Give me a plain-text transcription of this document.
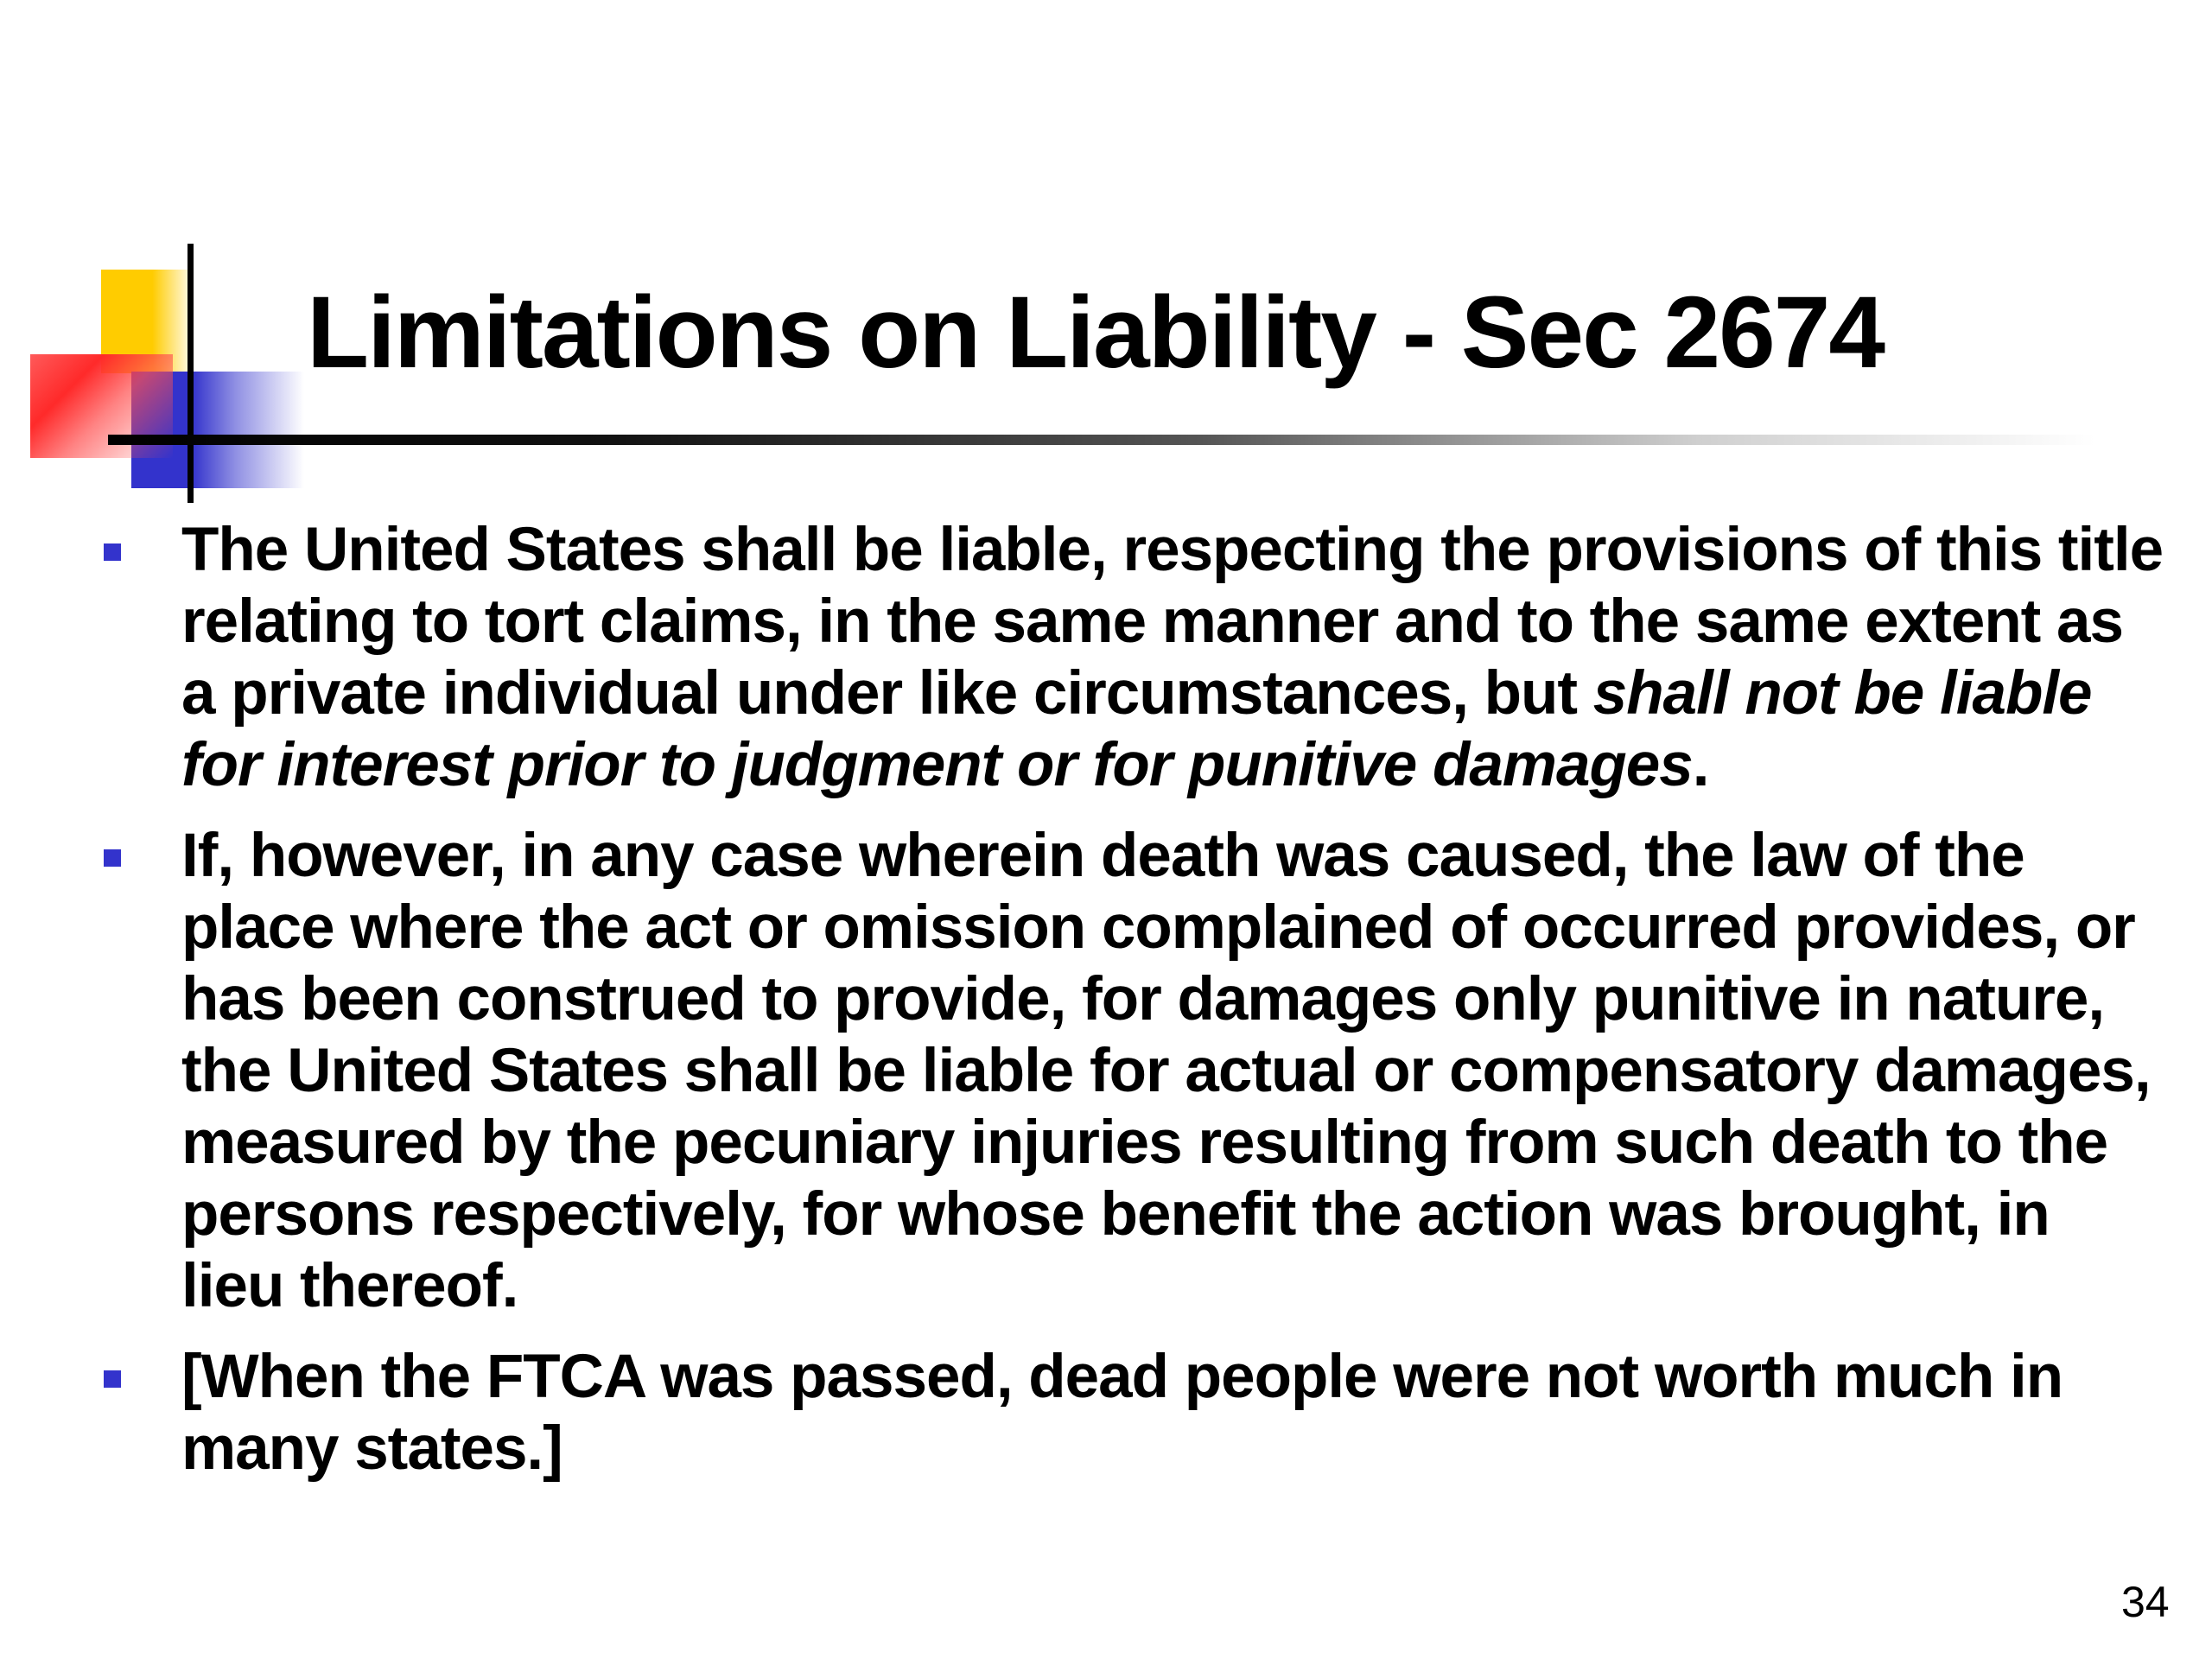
Limitations on Liability - Sec 2674
The United States shall be liable, respecting the provisions of this title relating to tort claims, in the same manner and to the same extent as a private individual under like circumstances, but shall not be liable for interest prior to judgment or for punitive damages.
If, however, in any case wherein death was caused, the law of the place where the act or omission complained of occurred provides, or has been construed to provide, for damages only punitive in nature, the United States shall be liable for actual or compensatory damages, measured by the pecuniary injuries resulting from such death to the persons respectively, for whose benefit the action was brought, in lieu thereof.
[When the FTCA was passed, dead people were not worth much in many states.]
34
